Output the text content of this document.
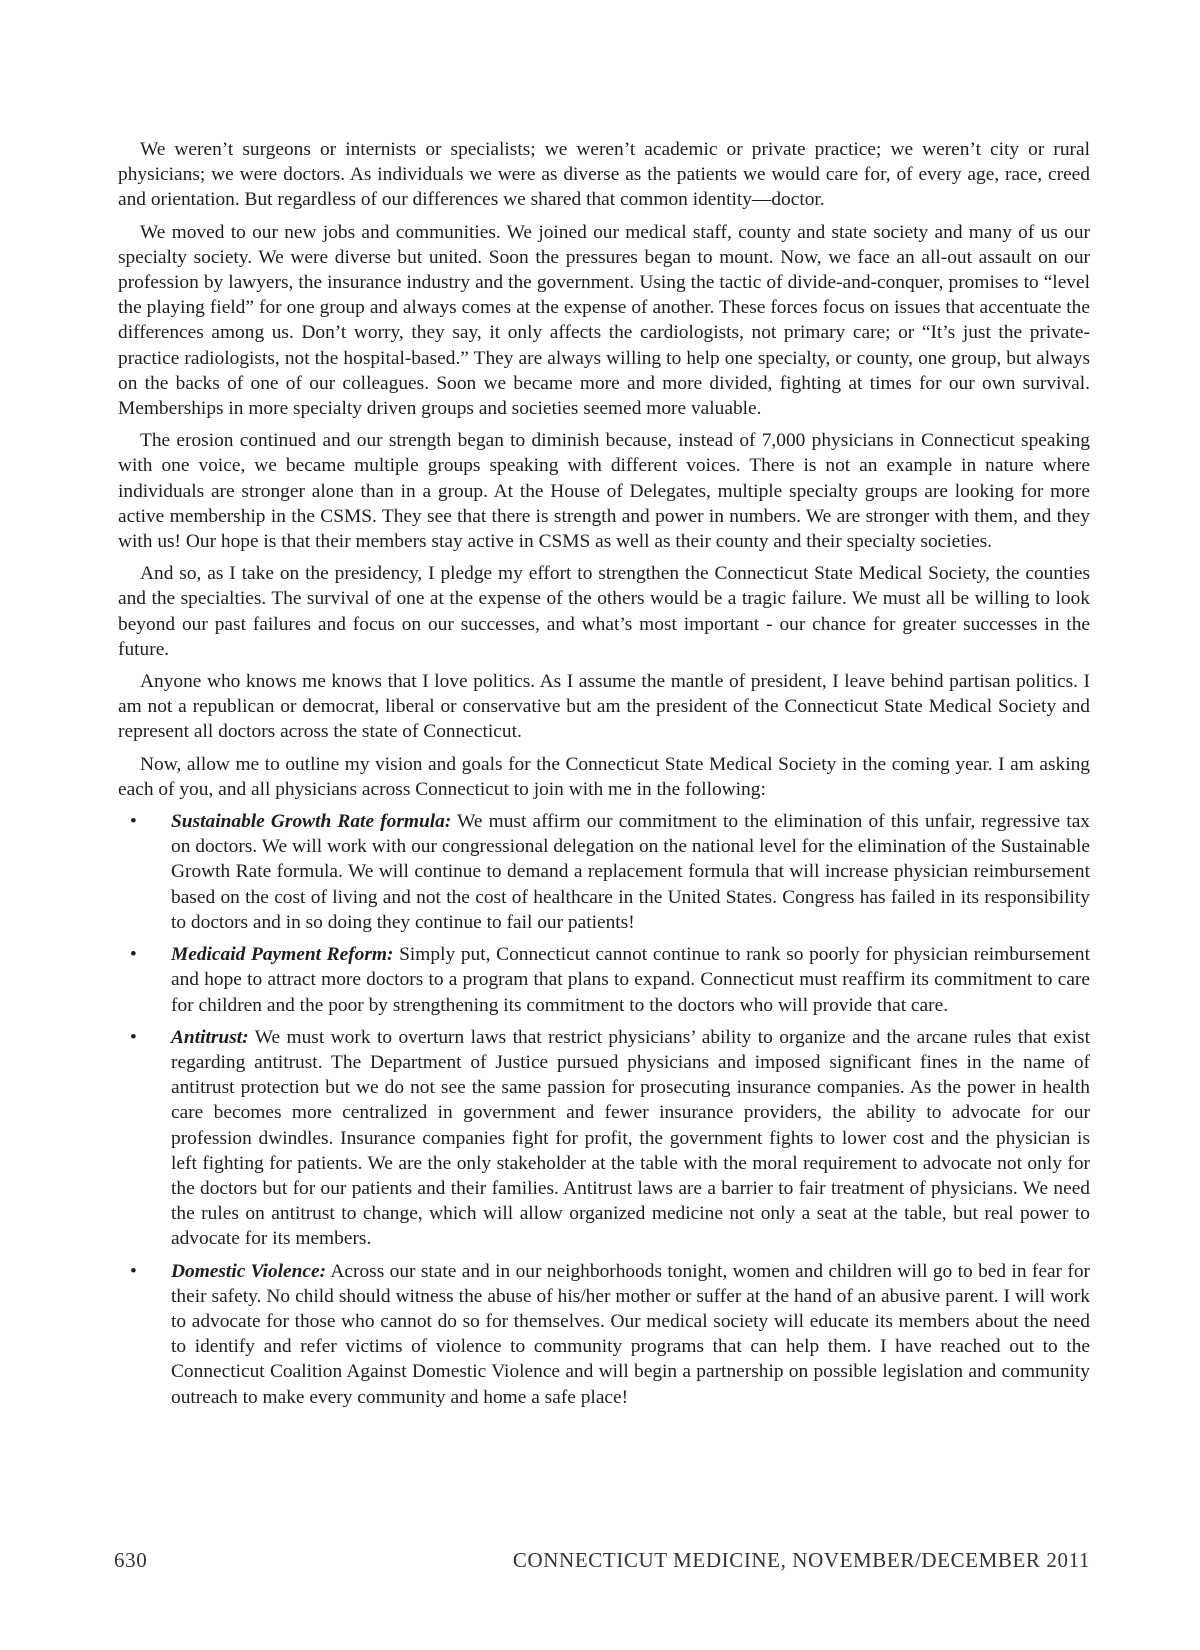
We weren’t surgeons or internists or specialists; we weren’t academic or private practice; we weren’t city or rural physicians; we were doctors. As individuals we were as diverse as the patients we would care for, of every age, race, creed and orientation. But regardless of our differences we shared that common identity—doctor.

We moved to our new jobs and communities. We joined our medical staff, county and state society and many of us our specialty society. We were diverse but united. Soon the pressures began to mount. Now, we face an all-out assault on our profession by lawyers, the insurance industry and the government. Using the tactic of divide-and-conquer, promises to “level the playing field” for one group and always comes at the expense of another. These forces focus on issues that accentuate the differences among us. Don’t worry, they say, it only affects the cardiologists, not primary care; or “It’s just the private-practice radiologists, not the hospital-based.” They are always willing to help one specialty, or county, one group, but always on the backs of one of our colleagues. Soon we became more and more divided, fighting at times for our own survival. Memberships in more specialty driven groups and societies seemed more valuable.

The erosion continued and our strength began to diminish because, instead of 7,000 physicians in Connecticut speaking with one voice, we became multiple groups speaking with different voices. There is not an example in nature where individuals are stronger alone than in a group. At the House of Delegates, multiple specialty groups are looking for more active membership in the CSMS. They see that there is strength and power in numbers. We are stronger with them, and they with us! Our hope is that their members stay active in CSMS as well as their county and their specialty societies.

And so, as I take on the presidency, I pledge my effort to strengthen the Connecticut State Medical Society, the counties and the specialties. The survival of one at the expense of the others would be a tragic failure. We must all be willing to look beyond our past failures and focus on our successes, and what’s most important - our chance for greater successes in the future.

Anyone who knows me knows that I love politics. As I assume the mantle of president, I leave behind partisan politics. I am not a republican or democrat, liberal or conservative but am the president of the Connecticut State Medical Society and represent all doctors across the state of Connecticut.

Now, allow me to outline my vision and goals for the Connecticut State Medical Society in the coming year. I am asking each of you, and all physicians across Connecticut to join with me in the following:

• Sustainable Growth Rate formula: We must affirm our commitment to the elimination of this unfair, regressive tax on doctors. We will work with our congressional delegation on the national level for the elimination of the Sustainable Growth Rate formula. We will continue to demand a replacement formula that will increase physician reimbursement based on the cost of living and not the cost of healthcare in the United States. Congress has failed in its responsibility to doctors and in so doing they continue to fail our patients!
• Medicaid Payment Reform: Simply put, Connecticut cannot continue to rank so poorly for physician reimbursement and hope to attract more doctors to a program that plans to expand. Connecticut must reaffirm its commitment to care for children and the poor by strengthening its commitment to the doctors who will provide that care.
• Antitrust: We must work to overturn laws that restrict physicians’ ability to organize and the arcane rules that exist regarding antitrust. The Department of Justice pursued physicians and imposed significant fines in the name of antitrust protection but we do not see the same passion for prosecuting insurance companies. As the power in health care becomes more centralized in government and fewer insurance providers, the ability to advocate for our profession dwindles. Insurance companies fight for profit, the government fights to lower cost and the physician is left fighting for patients. We are the only stakeholder at the table with the moral requirement to advocate not only for the doctors but for our patients and their families. Antitrust laws are a barrier to fair treatment of physicians. We need the rules on antitrust to change, which will allow organized medicine not only a seat at the table, but real power to advocate for its members.
• Domestic Violence: Across our state and in our neighborhoods tonight, women and children will go to bed in fear for their safety. No child should witness the abuse of his/her mother or suffer at the hand of an abusive parent. I will work to advocate for those who cannot do so for themselves. Our medical society will educate its members about the need to identify and refer victims of violence to community programs that can help them. I have reached out to the Connecticut Coalition Against Domestic Violence and will begin a partnership on possible legislation and community outreach to make every community and home a safe place!
630	CONNECTICUT MEDICINE, NOVEMBER/DECEMBER 2011
